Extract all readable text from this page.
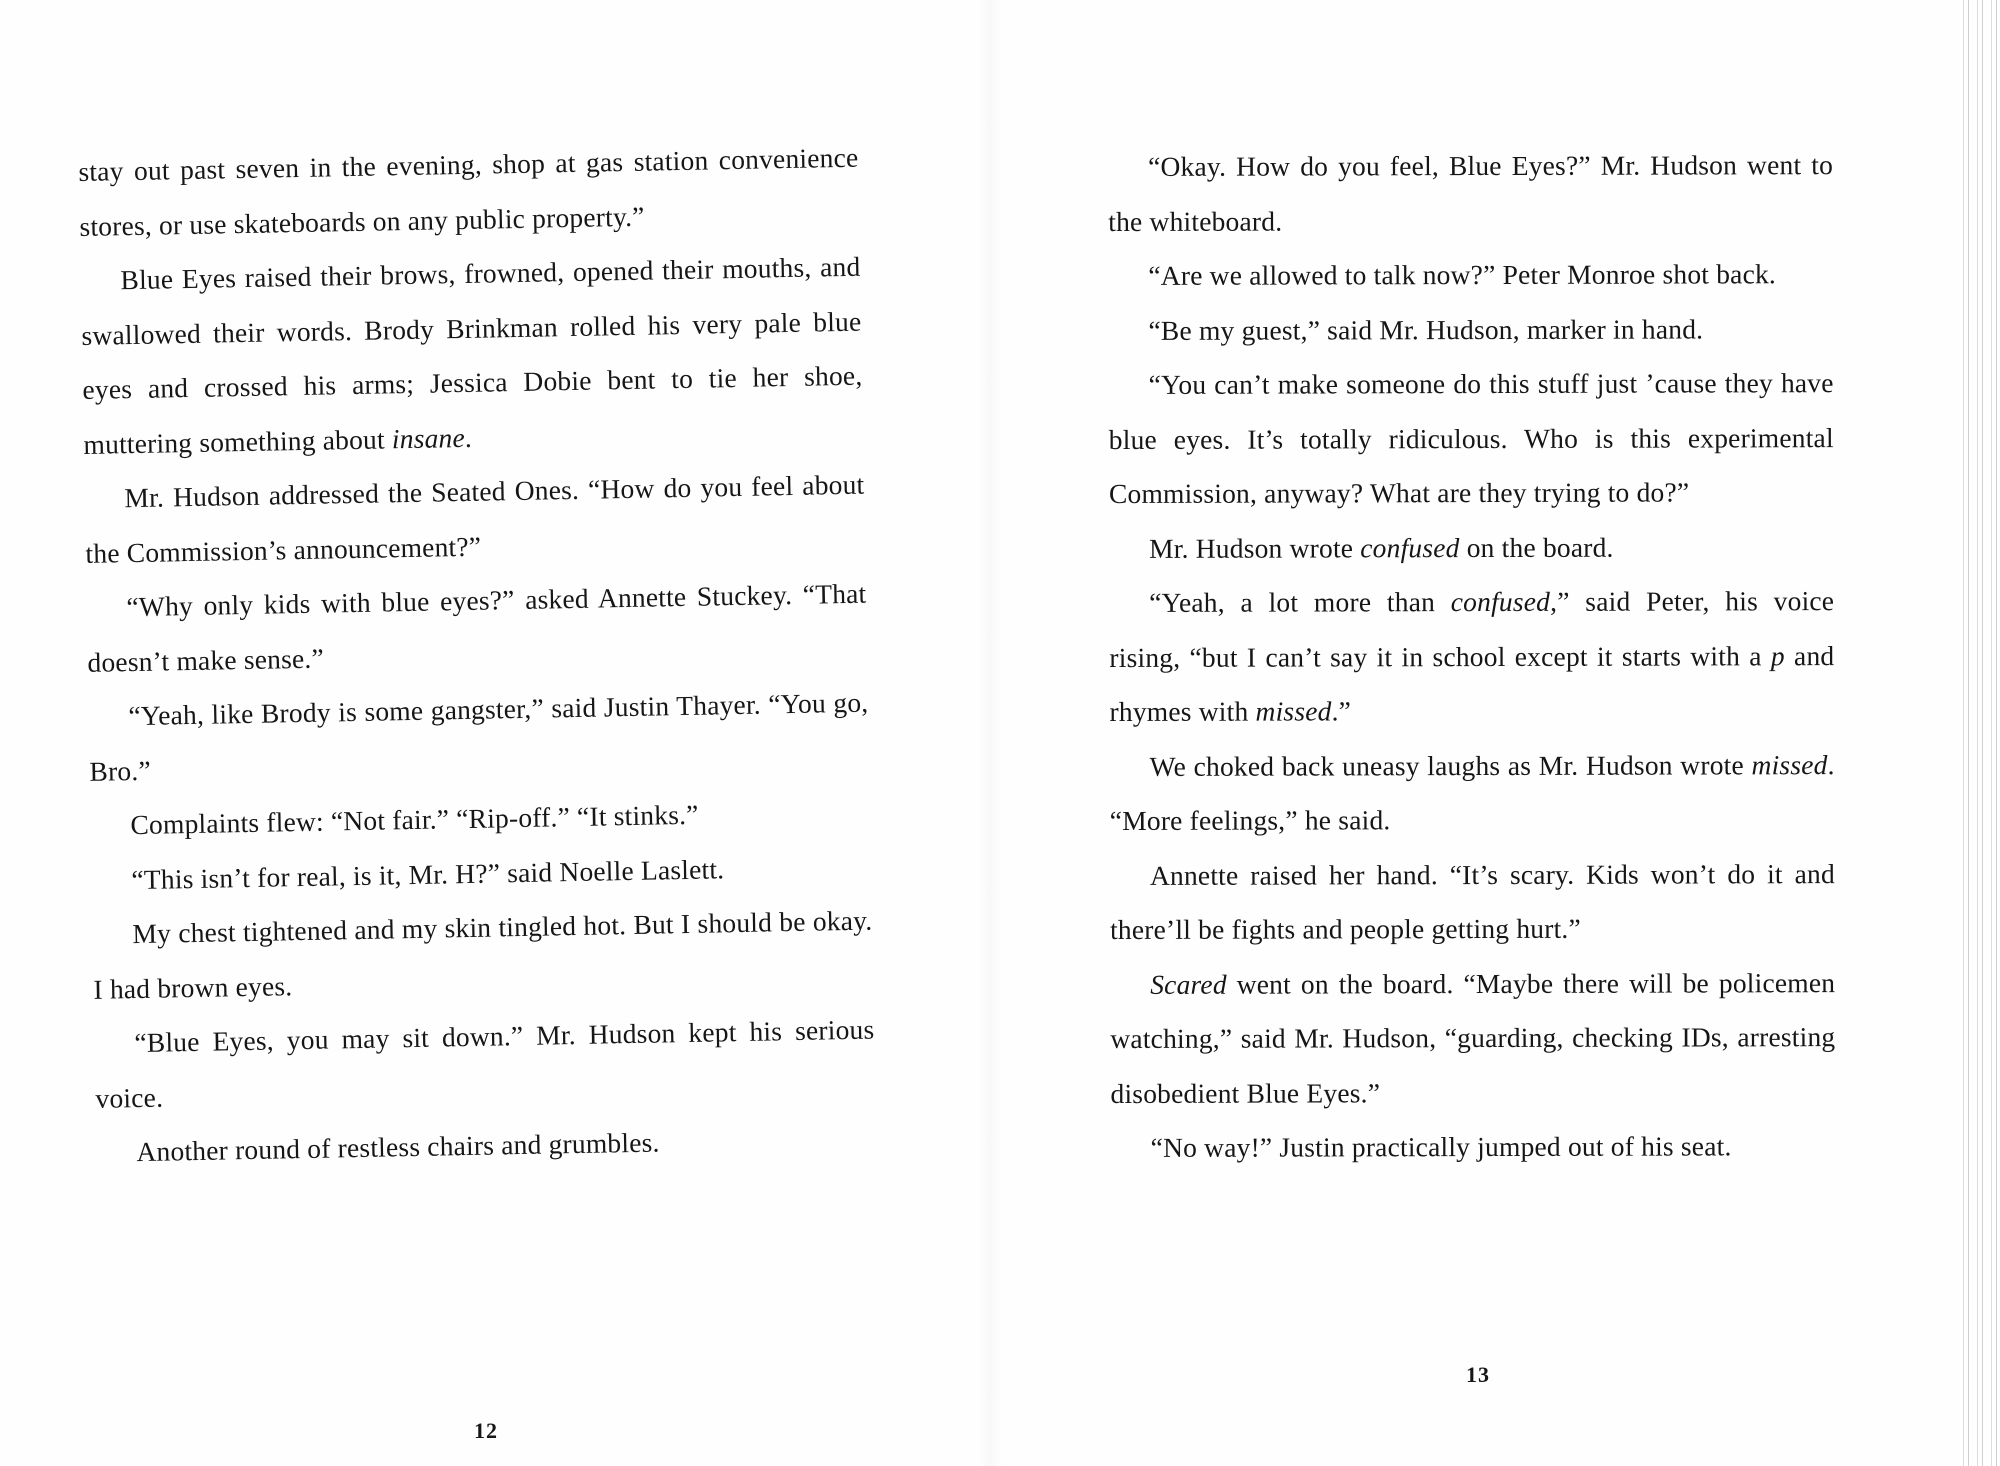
stay out past seven in the evening, shop at gas station convenience stores, or use skateboards on any public property.”

Blue Eyes raised their brows, frowned, opened their mouths, and swallowed their words. Brody Brinkman rolled his very pale blue eyes and crossed his arms; Jessica Dobie bent to tie her shoe, muttering something about insane.

Mr. Hudson addressed the Seated Ones. “How do you feel about the Commission’s announcement?”

“Why only kids with blue eyes?” asked Annette Stuckey. “That doesn’t make sense.”

“Yeah, like Brody is some gangster,” said Justin Thayer. “You go, Bro.”

Complaints flew: “Not fair.” “Rip-off.” “It stinks.”

“This isn’t for real, is it, Mr. H?” said Noelle Laslett.

My chest tightened and my skin tingled hot. But I should be okay. I had brown eyes.

“Blue Eyes, you may sit down.” Mr. Hudson kept his serious voice.

Another round of restless chairs and grumbles.

12

“Okay. How do you feel, Blue Eyes?” Mr. Hudson went to the whiteboard.

“Are we allowed to talk now?” Peter Monroe shot back.

“Be my guest,” said Mr. Hudson, marker in hand.

“You can’t make someone do this stuff just ’cause they have blue eyes. It’s totally ridiculous. Who is this experimental Commission, anyway? What are they trying to do?”

Mr. Hudson wrote confused on the board.

“Yeah, a lot more than confused,” said Peter, his voice rising, “but I can’t say it in school except it starts with a p and rhymes with missed.”

We choked back uneasy laughs as Mr. Hudson wrote missed. “More feelings,” he said.

Annette raised her hand. “It’s scary. Kids won’t do it and there’ll be fights and people getting hurt.”

Scared went on the board. “Maybe there will be policemen watching,” said Mr. Hudson, “guarding, checking IDs, arresting disobedient Blue Eyes.”

“No way!” Justin practically jumped out of his seat.

13
